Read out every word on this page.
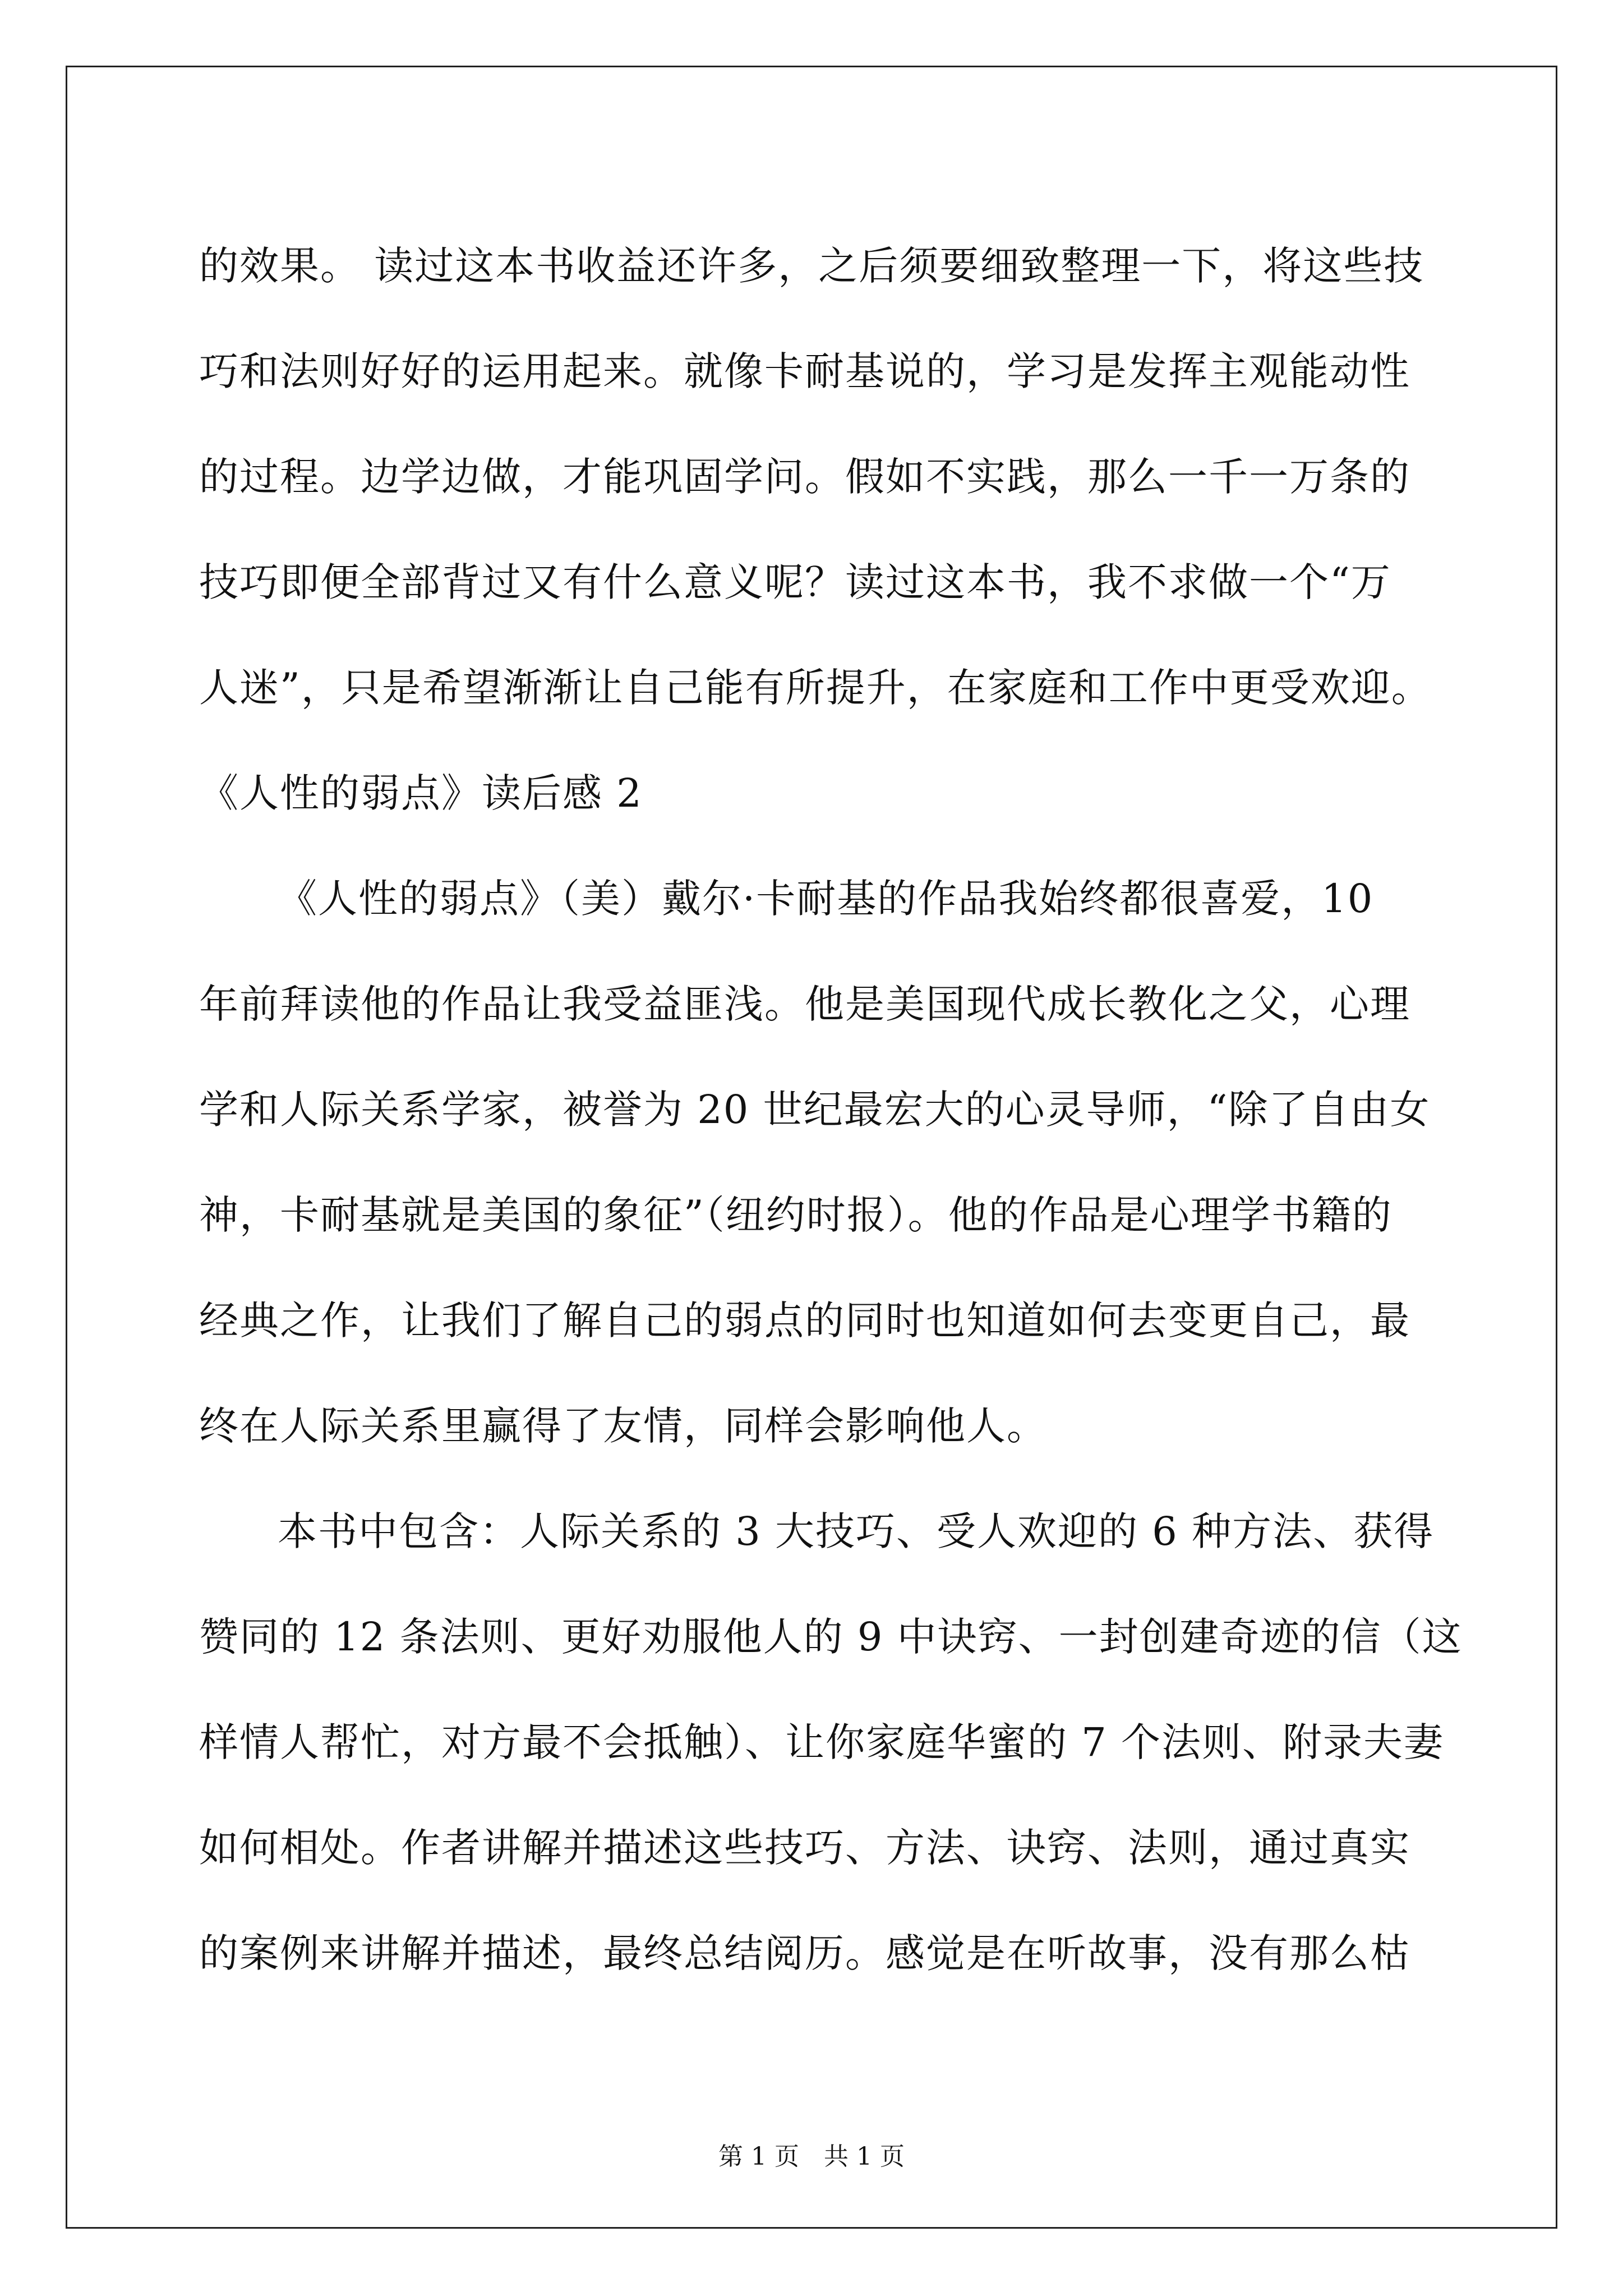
的效果。 读过这本书收益还许多，之后须要细致整理一下，将这些技
巧和法则好好的运用起来。就像卡耐基说的，学习是发挥主观能动性
的过程。边学边做，才能巩固学问。假如不实践，那么一千一万条的
技巧即便全部背过又有什么意义呢？读过这本书，我不求做一个“万
人迷”，只是希望渐渐让自己能有所提升，在家庭和工作中更受欢迎。
《人性的弱点》读后感 2
《人性的弱点》（美）戴尔·卡耐基的作品我始终都很喜爱，10
年前拜读他的作品让我受益匪浅。他是美国现代成长教化之父，心理
学和人际关系学家，被誉为 20 世纪最宏大的心灵导师，“除了自由女
神，卡耐基就是美国的象征”（纽约时报）。他的作品是心理学书籍的
经典之作，让我们了解自己的弱点的同时也知道如何去变更自己，最
终在人际关系里赢得了友情，同样会影响他人。
本书中包含：人际关系的 3 大技巧、受人欢迎的 6 种方法、获得
赞同的 12 条法则、更好劝服他人的 9 中诀窍、一封创建奇迹的信（这
样情人帮忙，对方最不会抵触）、让你家庭华蜜的 7 个法则、附录夫妻
如何相处。作者讲解并描述这些技巧、方法、诀窍、法则，通过真实
的案例来讲解并描述，最终总结阅历。感觉是在听故事，没有那么枯
第 1 页　共 1 页
